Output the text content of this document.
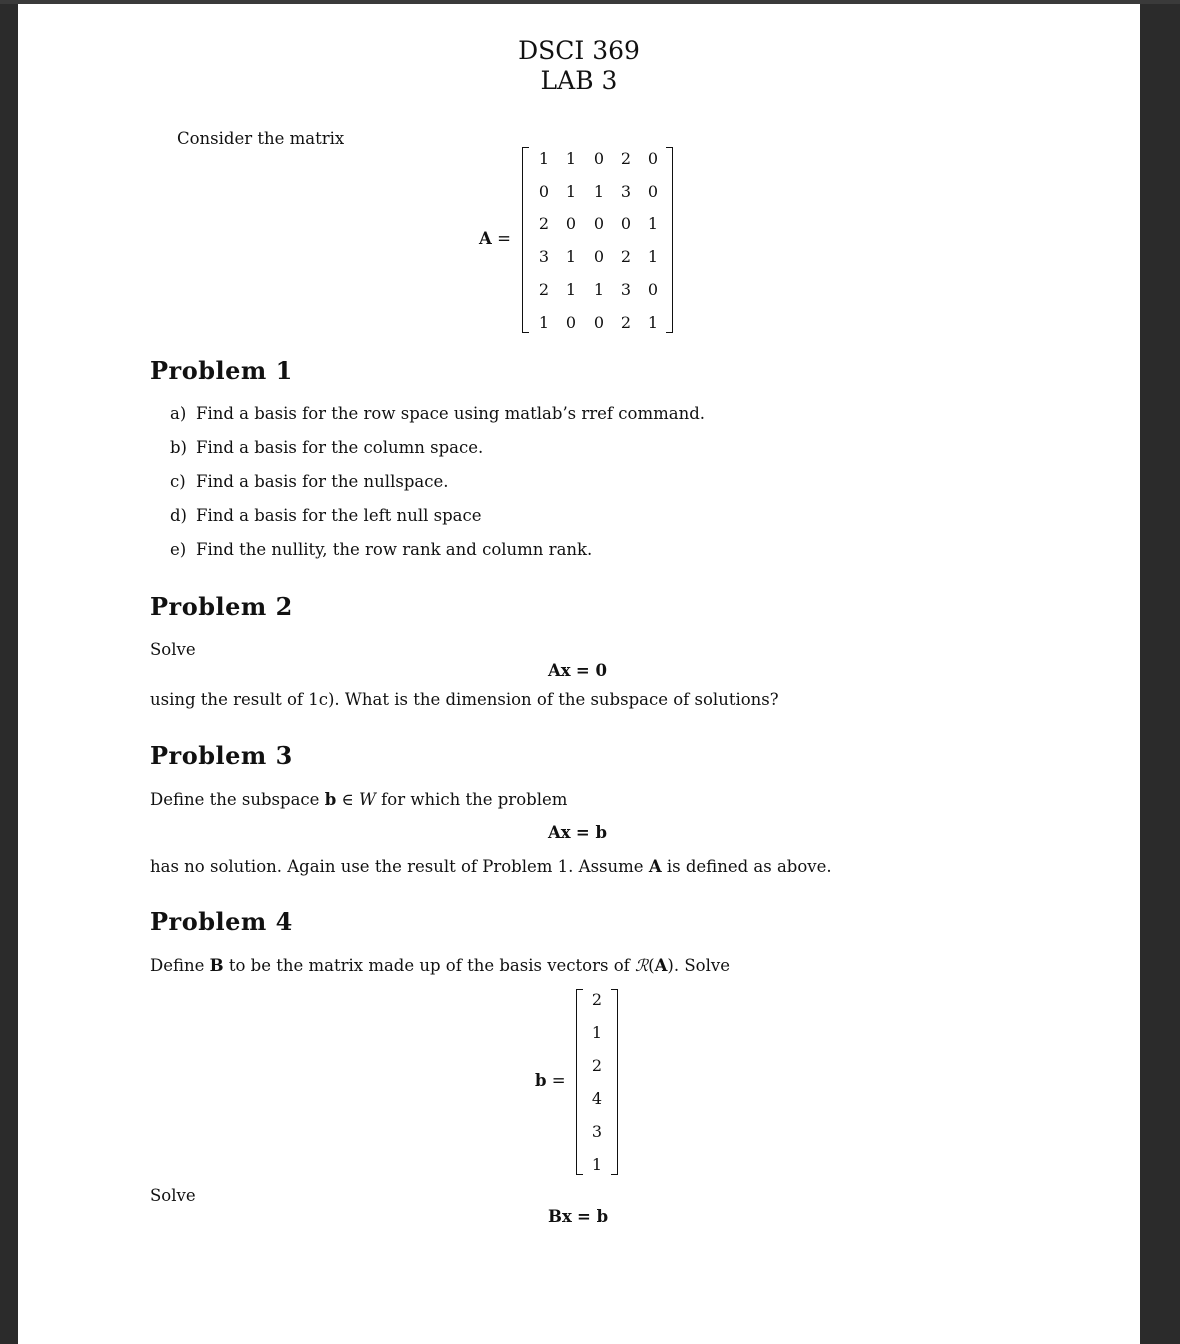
DSCI 369
LAB 3
Consider the matrix
A =
1 1 0 2 0
0 1 1 3 0
2 0 0 0 1
3 1 0 2 1
2 1 1 3 0
1 0 0 2 1
Problem 1
a) Find a basis for the row space using matlab’s rref command.
b) Find a basis for the column space.
c) Find a basis for the nullspace.
d) Find a basis for the left null space
e) Find the nullity, the row rank and column rank.
Problem 2
Solve
Ax = 0
using the result of 1c). What is the dimension of the subspace of solutions?
Problem 3
Define the subspace b ∈ W for which the problem
Ax = b
has no solution. Again use the result of Problem 1. Assume A is defined as above.
Problem 4
Define B to be the matrix made up of the basis vectors of ℛ(A). Solve
b =
2
1
2
4
3
1
Solve
Bx = b
